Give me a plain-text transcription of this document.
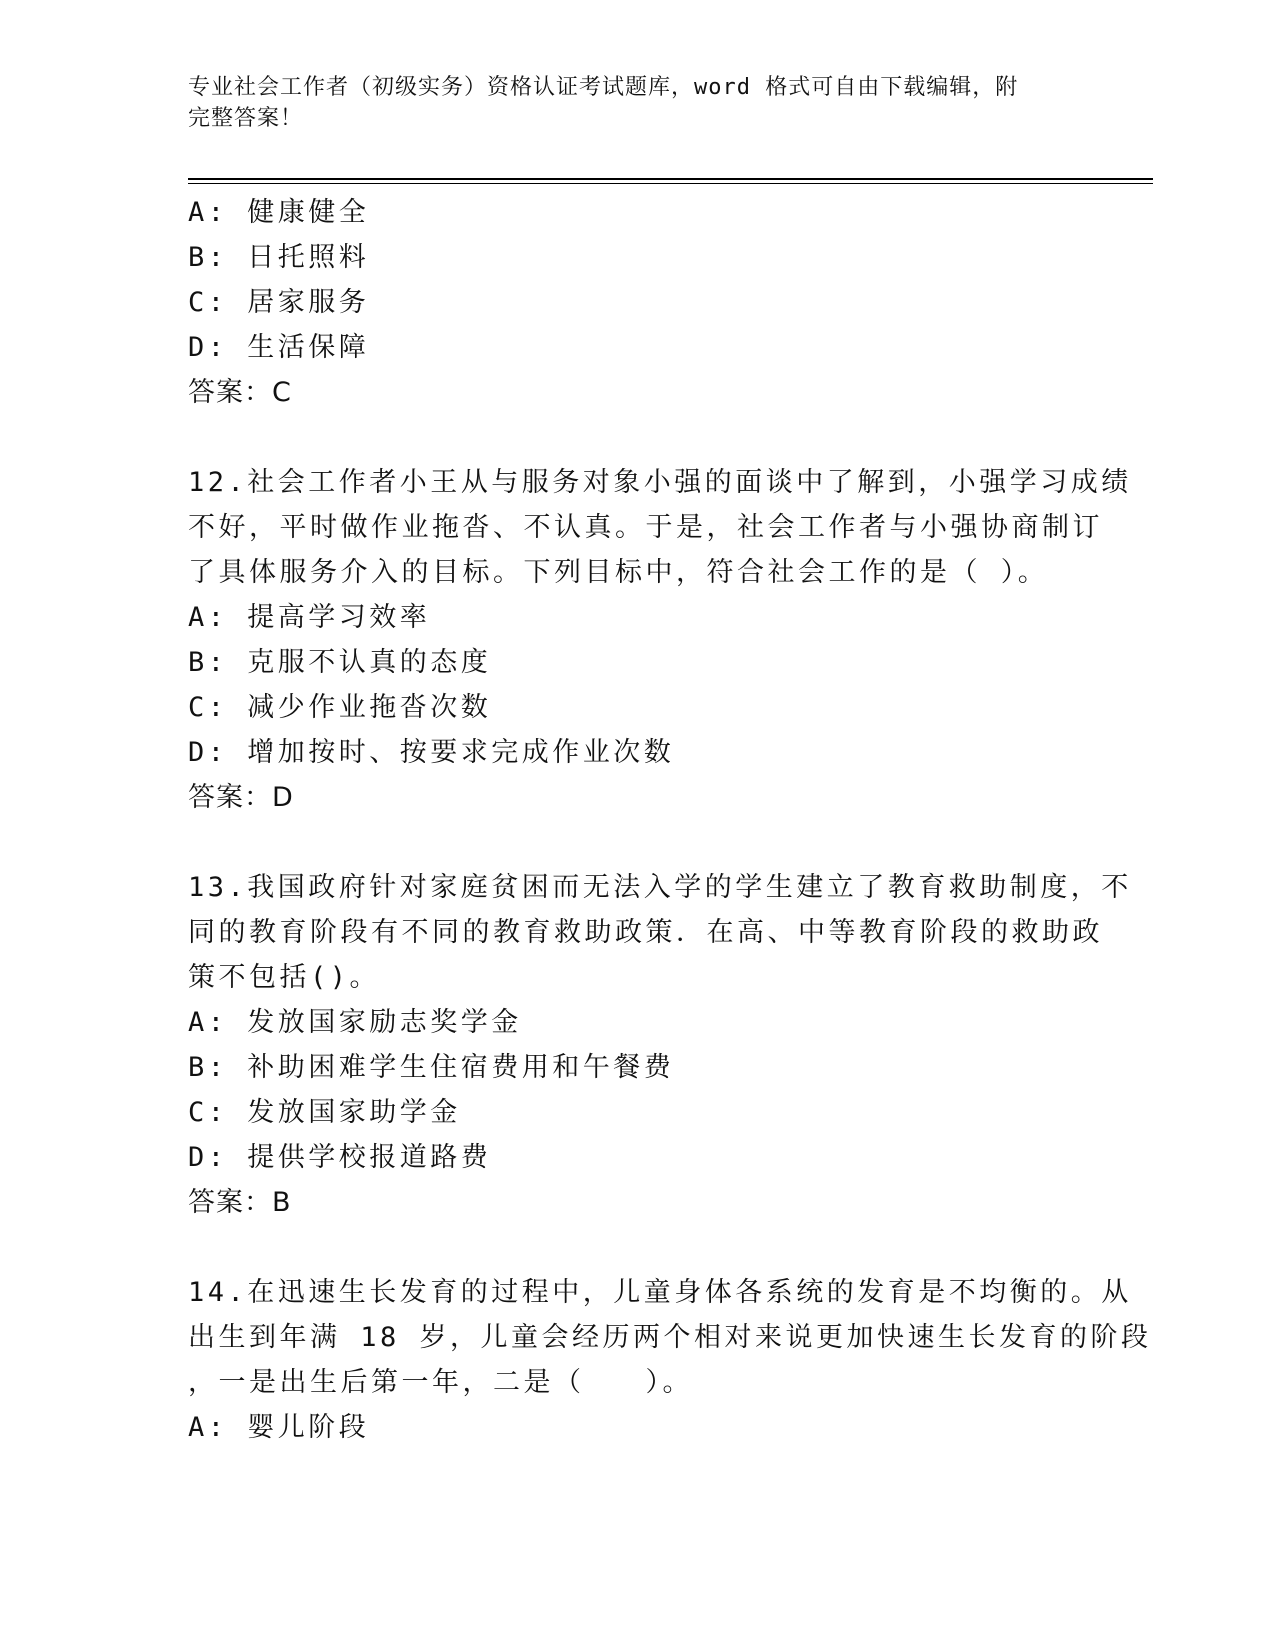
专业社会工作者（初级实务）资格认证考试题库，word 格式可自由下载编辑，附
完整答案！
A: 健康健全
B: 日托照料
C: 居家服务
D: 生活保障
答案：C
12.社会工作者小王从与服务对象小强的面谈中了解到，小强学习成绩
不好，平时做作业拖沓、不认真。于是，社会工作者与小强协商制订
了具体服务介入的目标。下列目标中，符合社会工作的是（ ）。
A: 提高学习效率
B: 克服不认真的态度
C: 减少作业拖沓次数
D: 增加按时、按要求完成作业次数
答案：D
13.我国政府针对家庭贫困而无法入学的学生建立了教育救助制度，不
同的教育阶段有不同的教育救助政策．在高、中等教育阶段的救助政
策不包括()。
A: 发放国家励志奖学金
B: 补助困难学生住宿费用和午餐费
C: 发放国家助学金
D: 提供学校报道路费
答案：B
14.在迅速生长发育的过程中，儿童身体各系统的发育是不均衡的。从
出生到年满 18 岁，儿童会经历两个相对来说更加快速生长发育的阶段
，一是出生后第一年，二是（　　）。
A: 婴儿阶段
